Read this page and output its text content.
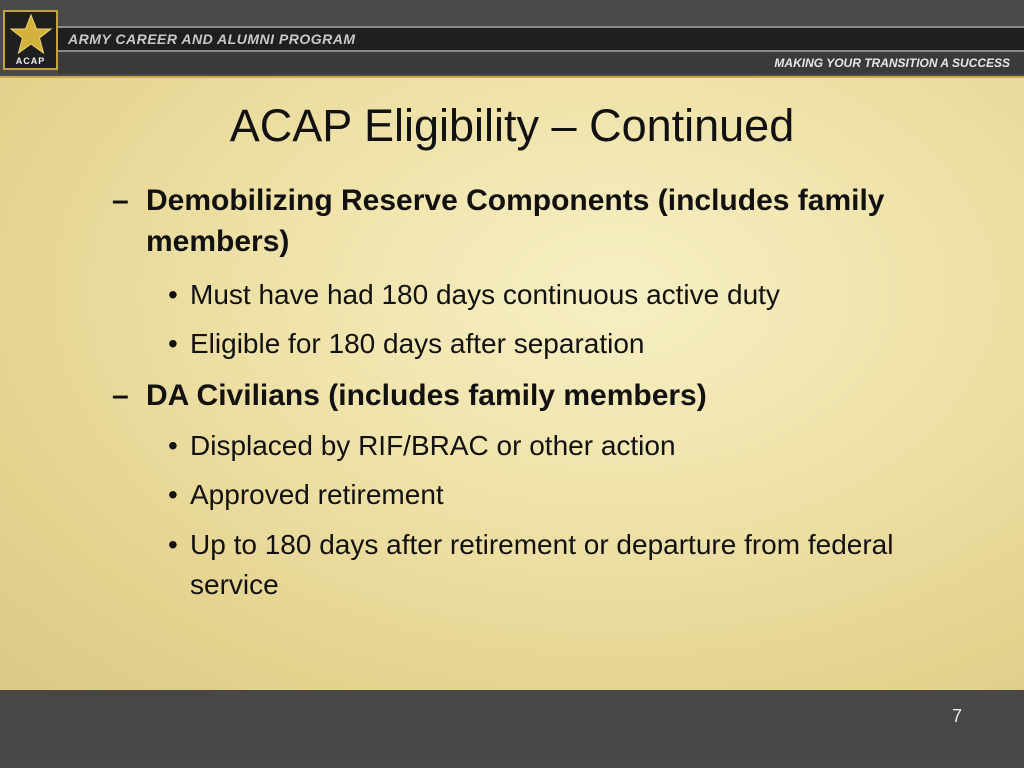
ACAP
ARMY CAREER AND ALUMNI PROGRAM
MAKING YOUR TRANSITION A SUCCESS
ACAP Eligibility – Continued
– Demobilizing Reserve Components (includes family members)
• Must have had 180 days continuous active duty
• Eligible for 180 days after separation
– DA Civilians (includes family members)
• Displaced by RIF/BRAC or other action
• Approved retirement
• Up to 180 days after retirement or departure from federal service
7
